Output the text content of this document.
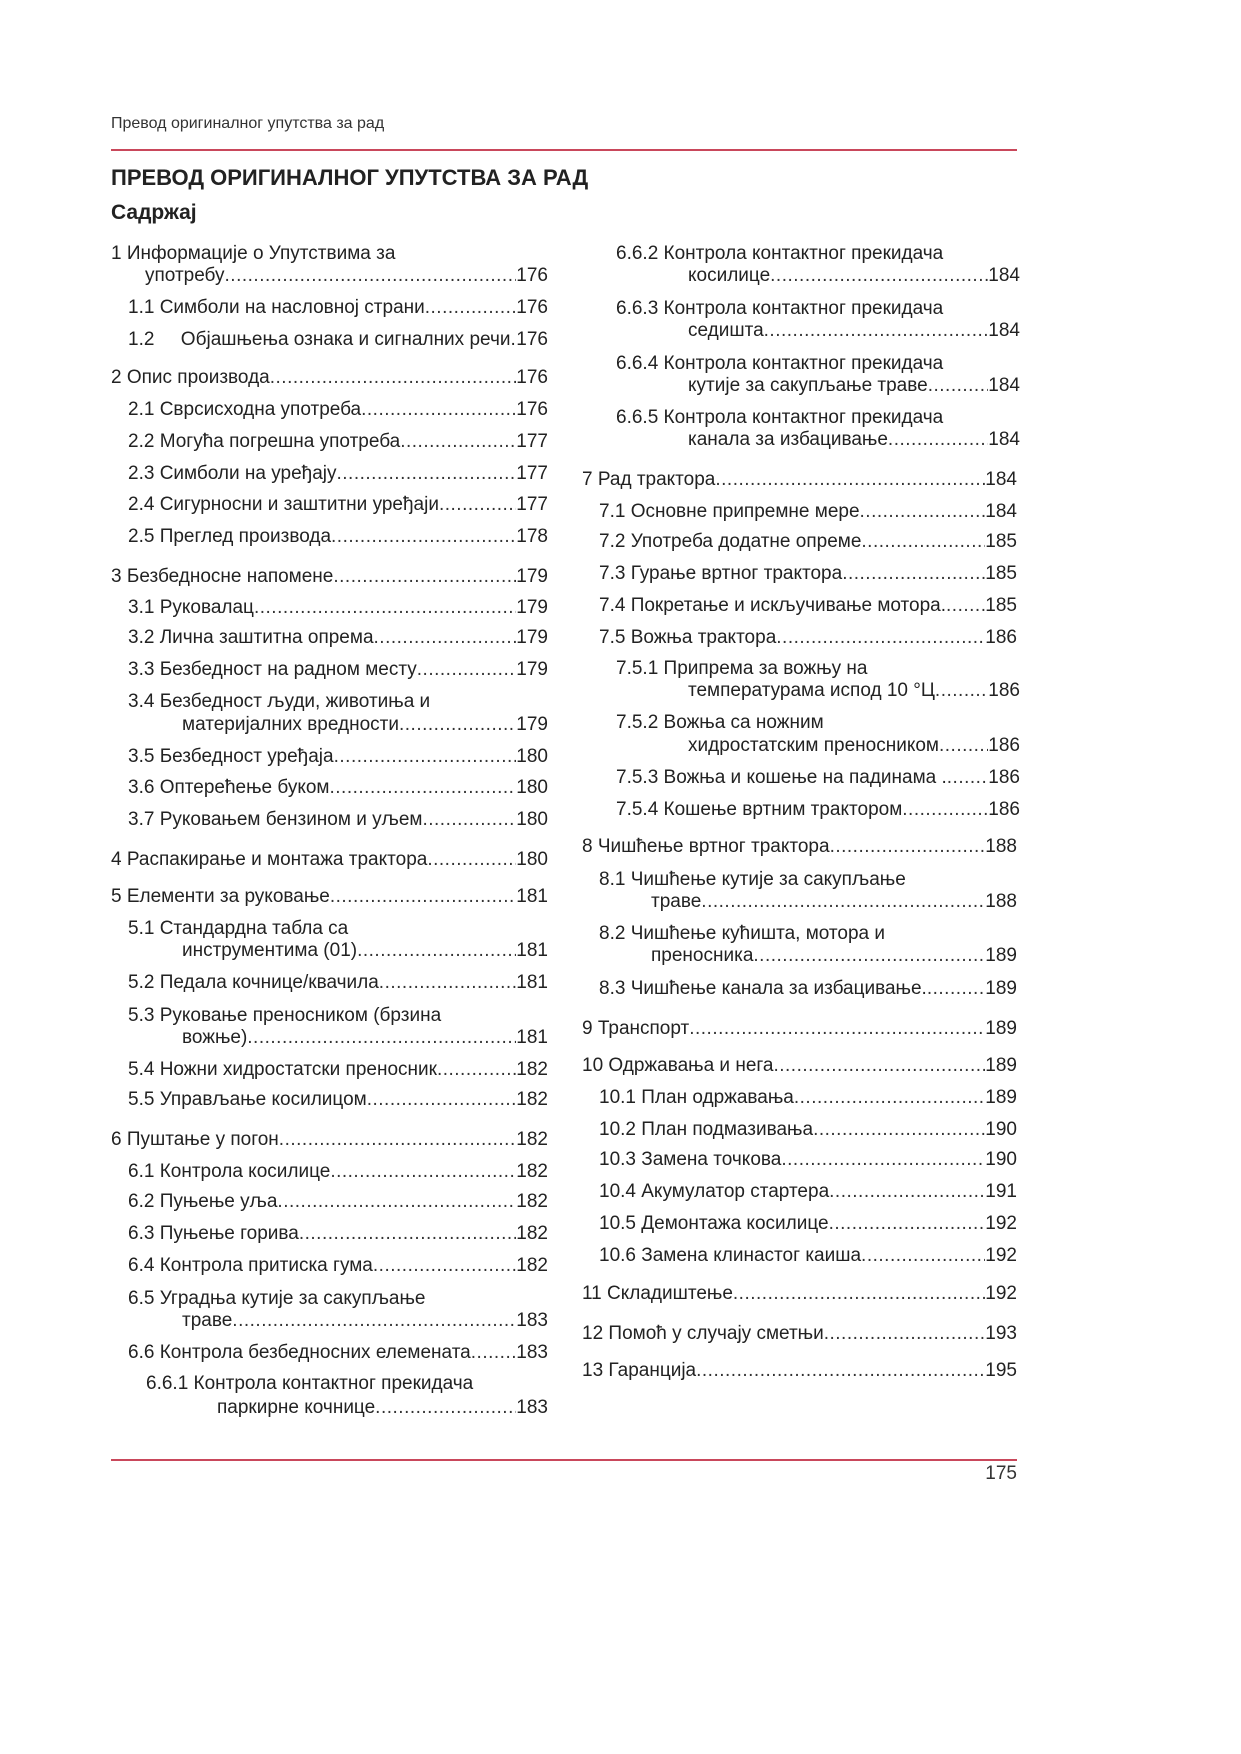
Превод оригиналног упутства за рад
ПРЕВОД ОРИГИНАЛНОГ УПУТСТВА ЗА РАД
Садржај
1 Информације о Упутствима за
употребу .....	176
1.1 Симболи на насловној страни .....	176
1.2     Објашњења ознака и сигналних речи. ..... 176
2 Опис производа .....	176
2.1 Сврсисходна употреба .....	176
2.2 Могућа погрешна употреба .....	177
2.3 Симболи на уређају .....	177
2.4 Сигурносни и заштитни уређаји .....	177
2.5 Преглед производа .....	178
3 Безбедносне напомене .....	179
3.1 Руковалац .....	179
3.2 Лична заштитна опрема .....	179
3.3 Безбедност на радном месту .....	179
3.4 Безбедност људи, животиња и
материјалних вредности .....	179
3.5 Безбедност уређаја .....	180
3.6 Оптерећење буком .....	180
3.7 Руковањем бензином и уљем .....	180
4 Распакирање и монтажа трактора .....	180
5 Елементи за руковање .....	181
5.1 Стандардна табла са
инструментима (01) .....	181
5.2 Педала кочнице/квачила .....	181
5.3 Руковање преносником (брзина
вожње) .....	181
5.4 Ножни хидростатски преносник .....	182
5.5 Управљање косилицом .....	182
6 Пуштање у погон .....	182
6.1 Контрола косилице .....	182
6.2 Пуњење уља .....	182
6.3 Пуњење горива .....	182
6.4 Контрола притиска гума .....	182
6.5 Уградња кутије за сакупљање
траве .....	183
6.6 Контрола безбедносних елемената ..... 183
6.6.1 Контрола контактног прекидача
паркирне кочнице .....	183
6.6.2 Контрола контактног прекидача
косилице .....	184
6.6.3 Контрола контактног прекидача
седишта .....	184
6.6.4 Контрола контактног прекидача
кутије за сакупљање траве .....	184
6.6.5 Контрола контактног прекидача
канала за избацивање .....	184
7 Рад трактора .....	184
7.1 Основне припремне мере .....	184
7.2 Употреба додатне опреме .....	185
7.3 Гурање вртног трактора .....	185
7.4 Покретање и искључивање мотора. ..... 185
7.5 Вожња трактора .....	186
7.5.1 Припрема за вожњу на
температурама испод 10 °Ц .....	186
7.5.2 Вожња са ножним
хидростатским преносником .....	186
7.5.3 Вожња и кошење на падинама . ..... 186
7.5.4 Кошење вртним трактором .....	186
8 Чишћење вртног трактора .....	188
8.1 Чишћење кутије за сакупљање
траве .....	188
8.2 Чишћење кућишта, мотора и
преносника .....	189
8.3 Чишћење канала за избацивање. .....	189
9 Транспорт .....	189
10 Одржавања и нега .....	189
10.1 План одржавања .....	189
10.2 План подмазивања .....	190
10.3 Замена точкова .....	190
10.4 Акумулатор стартера .....	191
10.5 Демонтажа косилице .....	192
10.6 Замена клинастог каиша .....	192
11 Складиштење .....	192
12 Помоћ у случају сметњи .....	193
13 Гаранција .....	195
175
